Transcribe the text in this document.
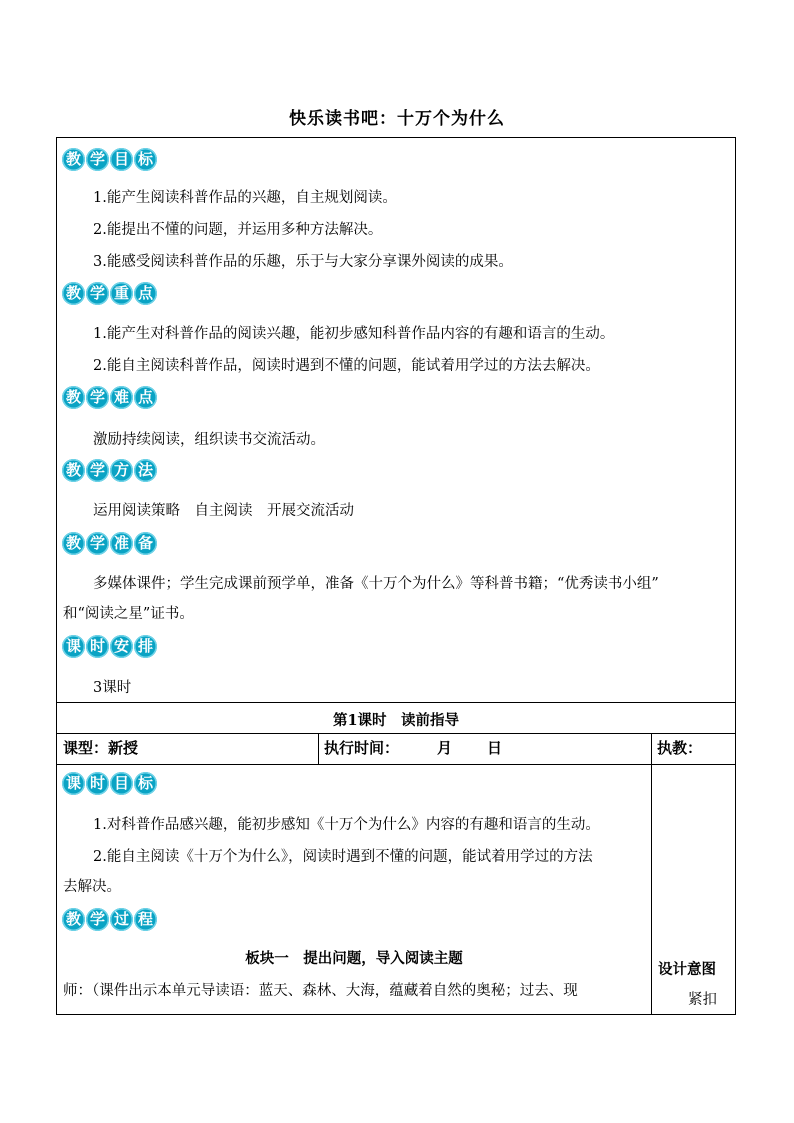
快乐读书吧：十万个为什么
教 学 目 标
1.能产生阅读科普作品的兴趣，自主规划阅读。
2.能提出不懂的问题，并运用多种方法解决。
3.能感受阅读科普作品的乐趣，乐于与大家分享课外阅读的成果。
教 学 重 点
1.能产生对科普作品的阅读兴趣，能初步感知科普作品内容的有趣和语言的生动。
2.能自主阅读科普作品，阅读时遇到不懂的问题，能试着用学过的方法去解决。
教 学 难 点
激励持续阅读，组织读书交流活动。
教 学 方 法
运用阅读策略　自主阅读　开展交流活动
教 学 准 备
多媒体课件；学生完成课前预学单，准备《十万个为什么》等科普书籍；“优秀读书小组”
和“阅读之星”证书。
课 时 安 排
3课时
第1课时　读前指导
课型：新授	执行时间：	月 日	执教：
课 时 目 标
1.对科普作品感兴趣，能初步感知《十万个为什么》内容的有趣和语言的生动。
2.能自主阅读《十万个为什么》，阅读时遇到不懂的问题，能试着用学过的方法
去解决。
教 学 过 程
板块一　提出问题，导入阅读主题
师：（课件出示本单元导读语：蓝天、森林、大海，蕴藏着自然的奥秘；过去、现
设计意图
紧扣
